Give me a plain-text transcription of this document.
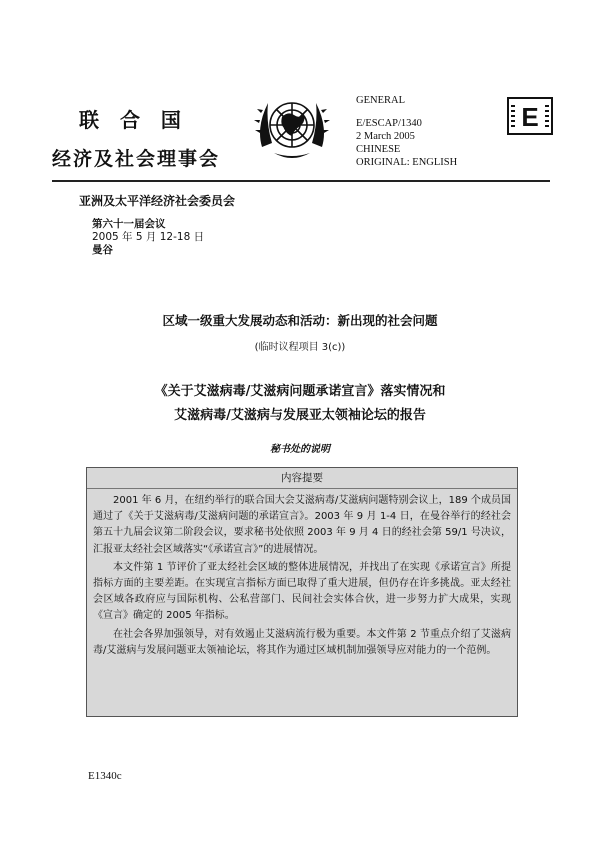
联 合 国
经济及社会理事会
GENERAL
E/ESCAP/1340
2 March 2005
CHINESE
ORIGINAL: ENGLISH
E
亚洲及太平洋经济社会委员会
第六十一届会议
2005 年 5 月 12-18 日
曼谷
区域一级重大发展动态和活动：新出现的社会问题
(临时议程项目 3(c))
《关于艾滋病毒/艾滋病问题承诺宣言》落实情况和
艾滋病毒/艾滋病与发展亚太领袖论坛的报告
秘书处的说明
内容提要

2001 年 6 月，在纽约举行的联合国大会艾滋病毒/艾滋病问题特别会议上，189 个成员国通过了《关于艾滋病毒/艾滋病问题的承诺宣言》。2003 年 9 月 1-4 日，在曼谷举行的经社会第五十九届会议第二阶段会议，要求秘书处依照 2003 年 9 月 4 日的经社会第 59/1 号决议，汇报亚太经社会区域落实“《承诺宣言》”的进展情况。

本文件第 1 节评价了亚太经社会区域的整体进展情况，并找出了在实现《承诺宣言》所提指标方面的主要差距。在实现宣言指标方面已取得了重大进展，但仍存在许多挑战。亚太经社会区域各政府应与国际机构、公私营部门、民间社会实体合伙，进一步努力扩大成果，实现《宣言》确定的 2005 年指标。

在社会各界加强领导，对有效遏止艾滋病流行极为重要。本文件第 2 节重点介绍了艾滋病毒/艾滋病与发展问题亚太领袖论坛，将其作为通过区域机制加强领导应对能力的一个范例。

E1340c
